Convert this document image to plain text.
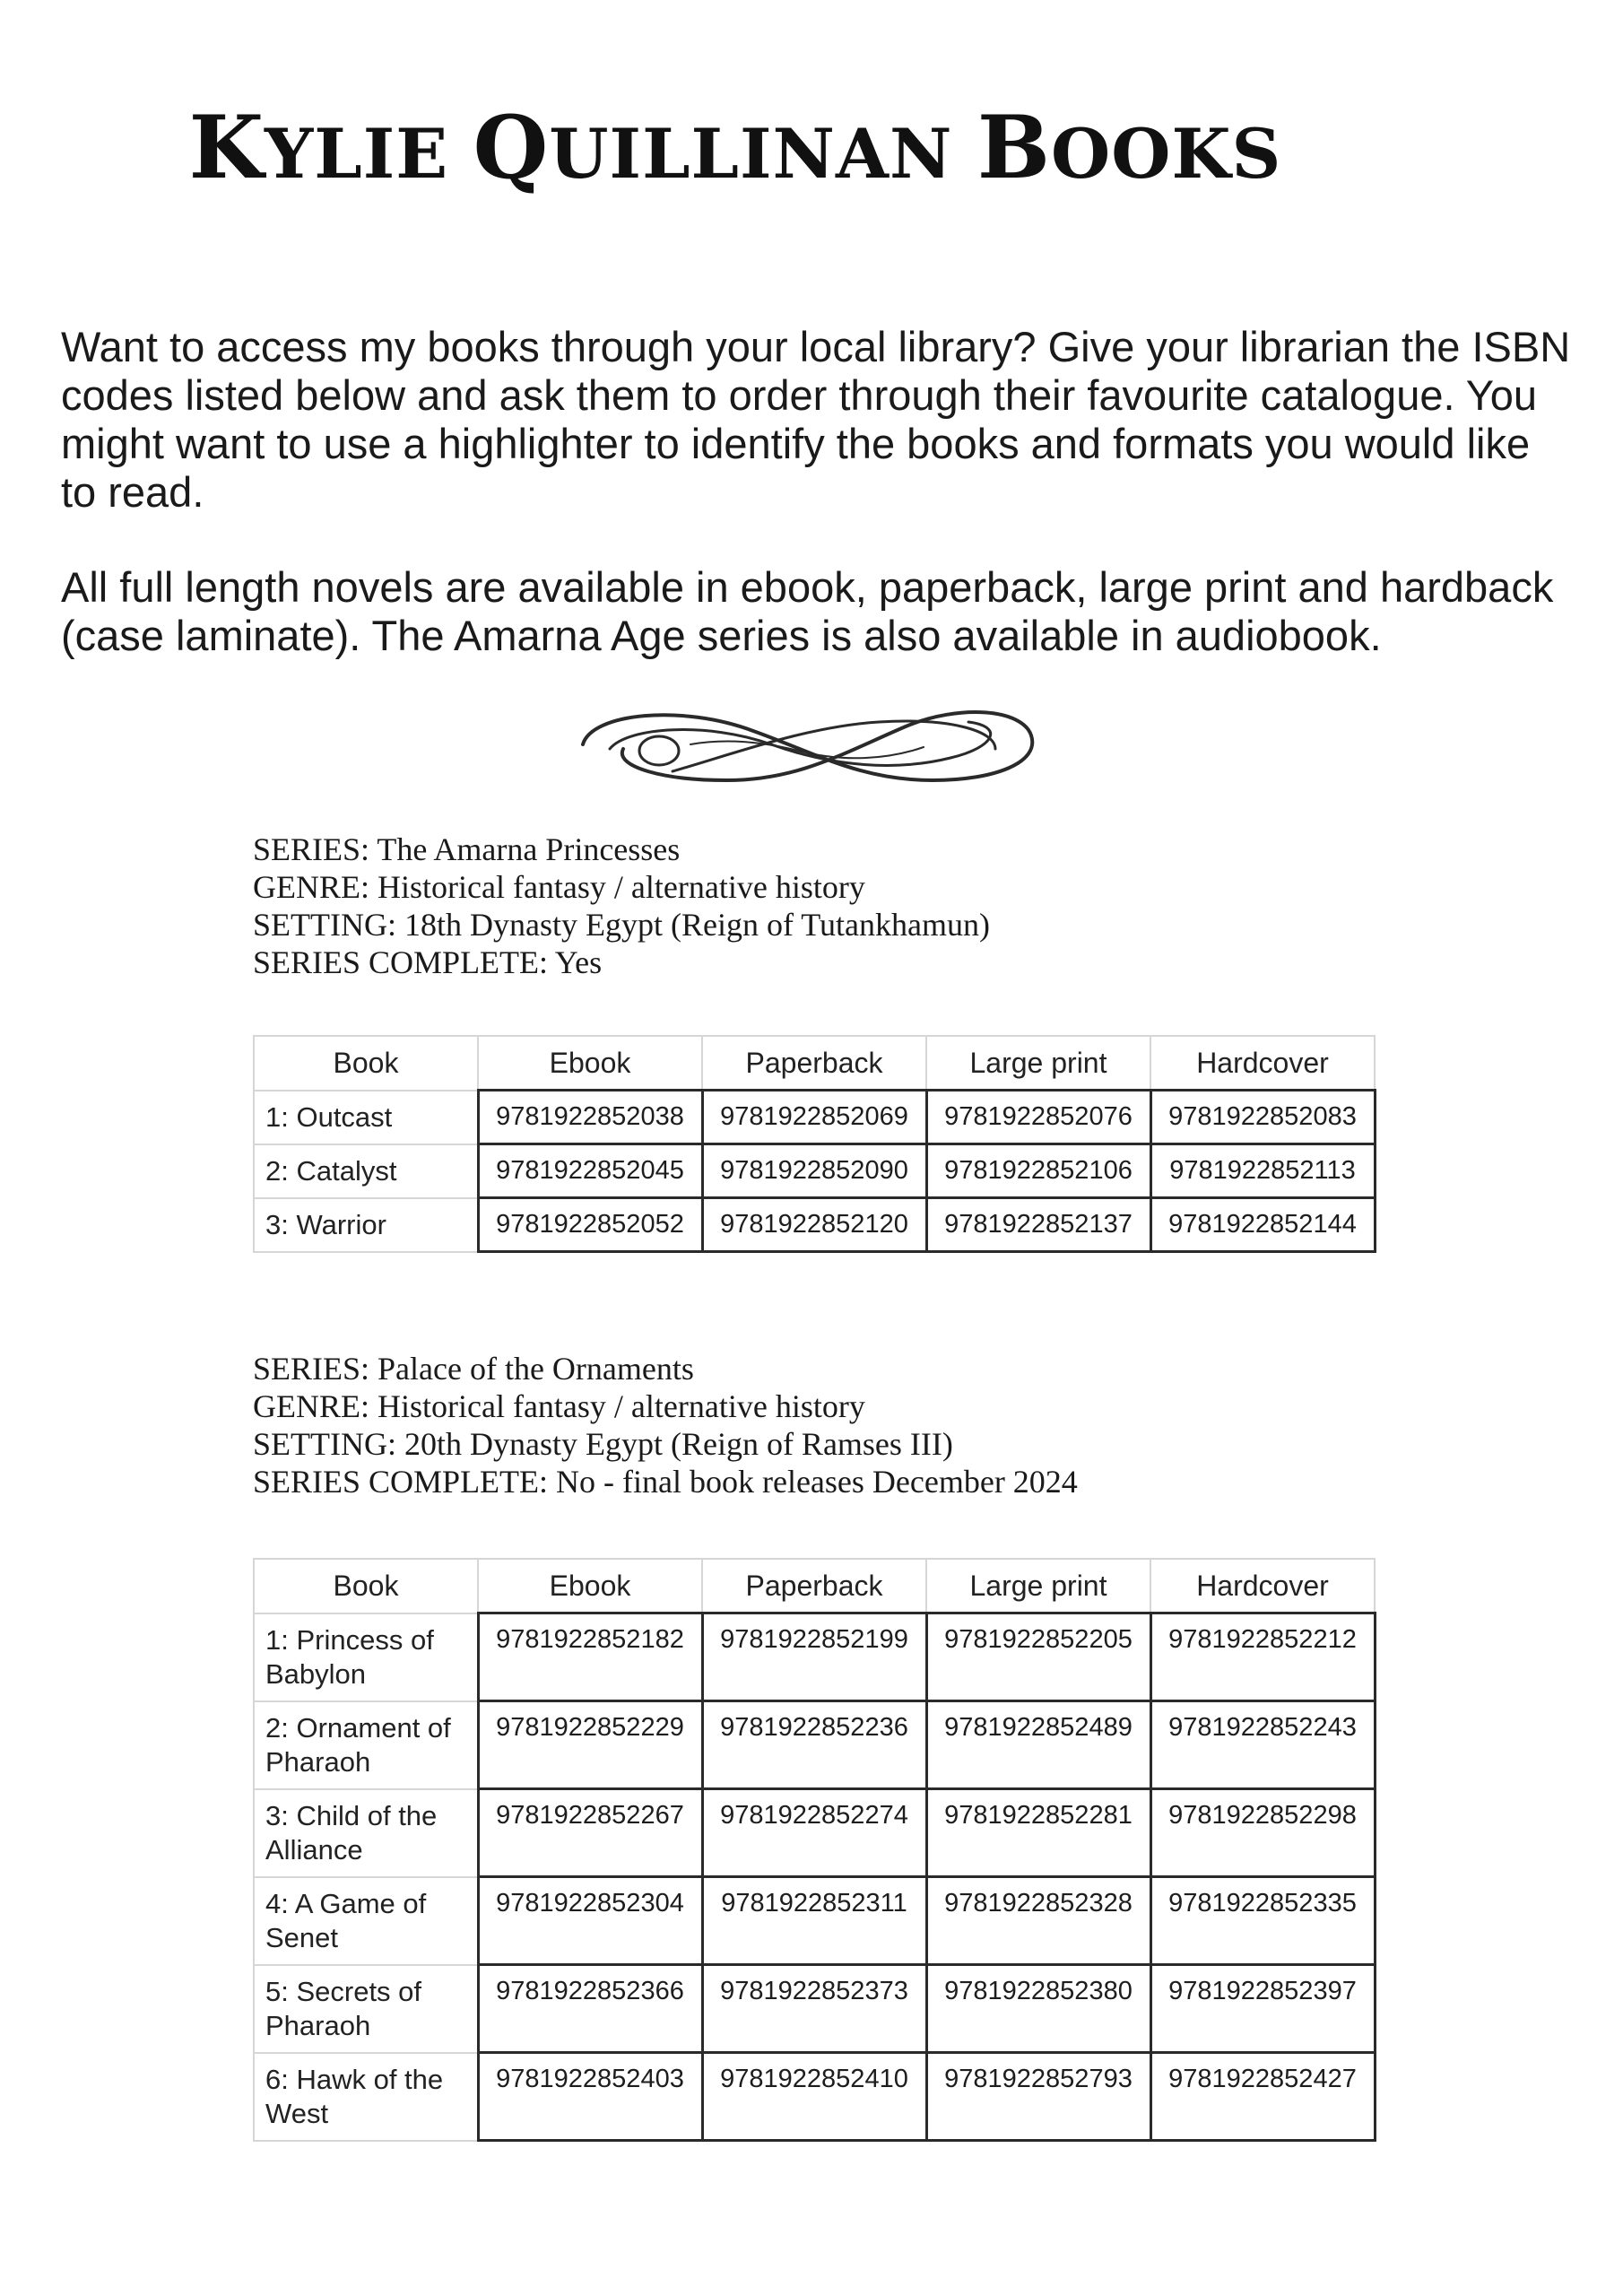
KYLIE QUILLINAN BOOKS

Want to access my books through your local library? Give your librarian the ISBN codes listed below and ask them to order through their favourite catalogue. You might want to use a highlighter to identify the books and formats you would like to read.

All full length novels are available in ebook, paperback, large print and hardback (case laminate). The Amarna Age series is also available in audiobook.

SERIES: The Amarna Princesses
GENRE: Historical fantasy / alternative history
SETTING: 18th Dynasty Egypt (Reign of Tutankhamun)
SERIES COMPLETE: Yes
Book	Ebook	Paperback	Large print	Hardcover
1: Outcast	9781922852038	9781922852069	9781922852076	9781922852083
2: Catalyst	9781922852045	9781922852090	9781922852106	9781922852113
3: Warrior	9781922852052	9781922852120	9781922852137	9781922852144
SERIES: Palace of the Ornaments
GENRE: Historical fantasy / alternative history
SETTING: 20th Dynasty Egypt (Reign of Ramses III)
SERIES COMPLETE: No - final book releases December 2024
Book	Ebook	Paperback	Large print	Hardcover
1: Princess of
Babylon	9781922852182	9781922852199	9781922852205	9781922852212
2: Ornament of
Pharaoh	9781922852229	9781922852236	9781922852489	9781922852243
3: Child of the
Alliance	9781922852267	9781922852274	9781922852281	9781922852298
4: A Game of
Senet	9781922852304	9781922852311	9781922852328	9781922852335
5: Secrets of
Pharaoh	9781922852366	9781922852373	9781922852380	9781922852397
6: Hawk of the
West	9781922852403	9781922852410	9781922852793	9781922852427
